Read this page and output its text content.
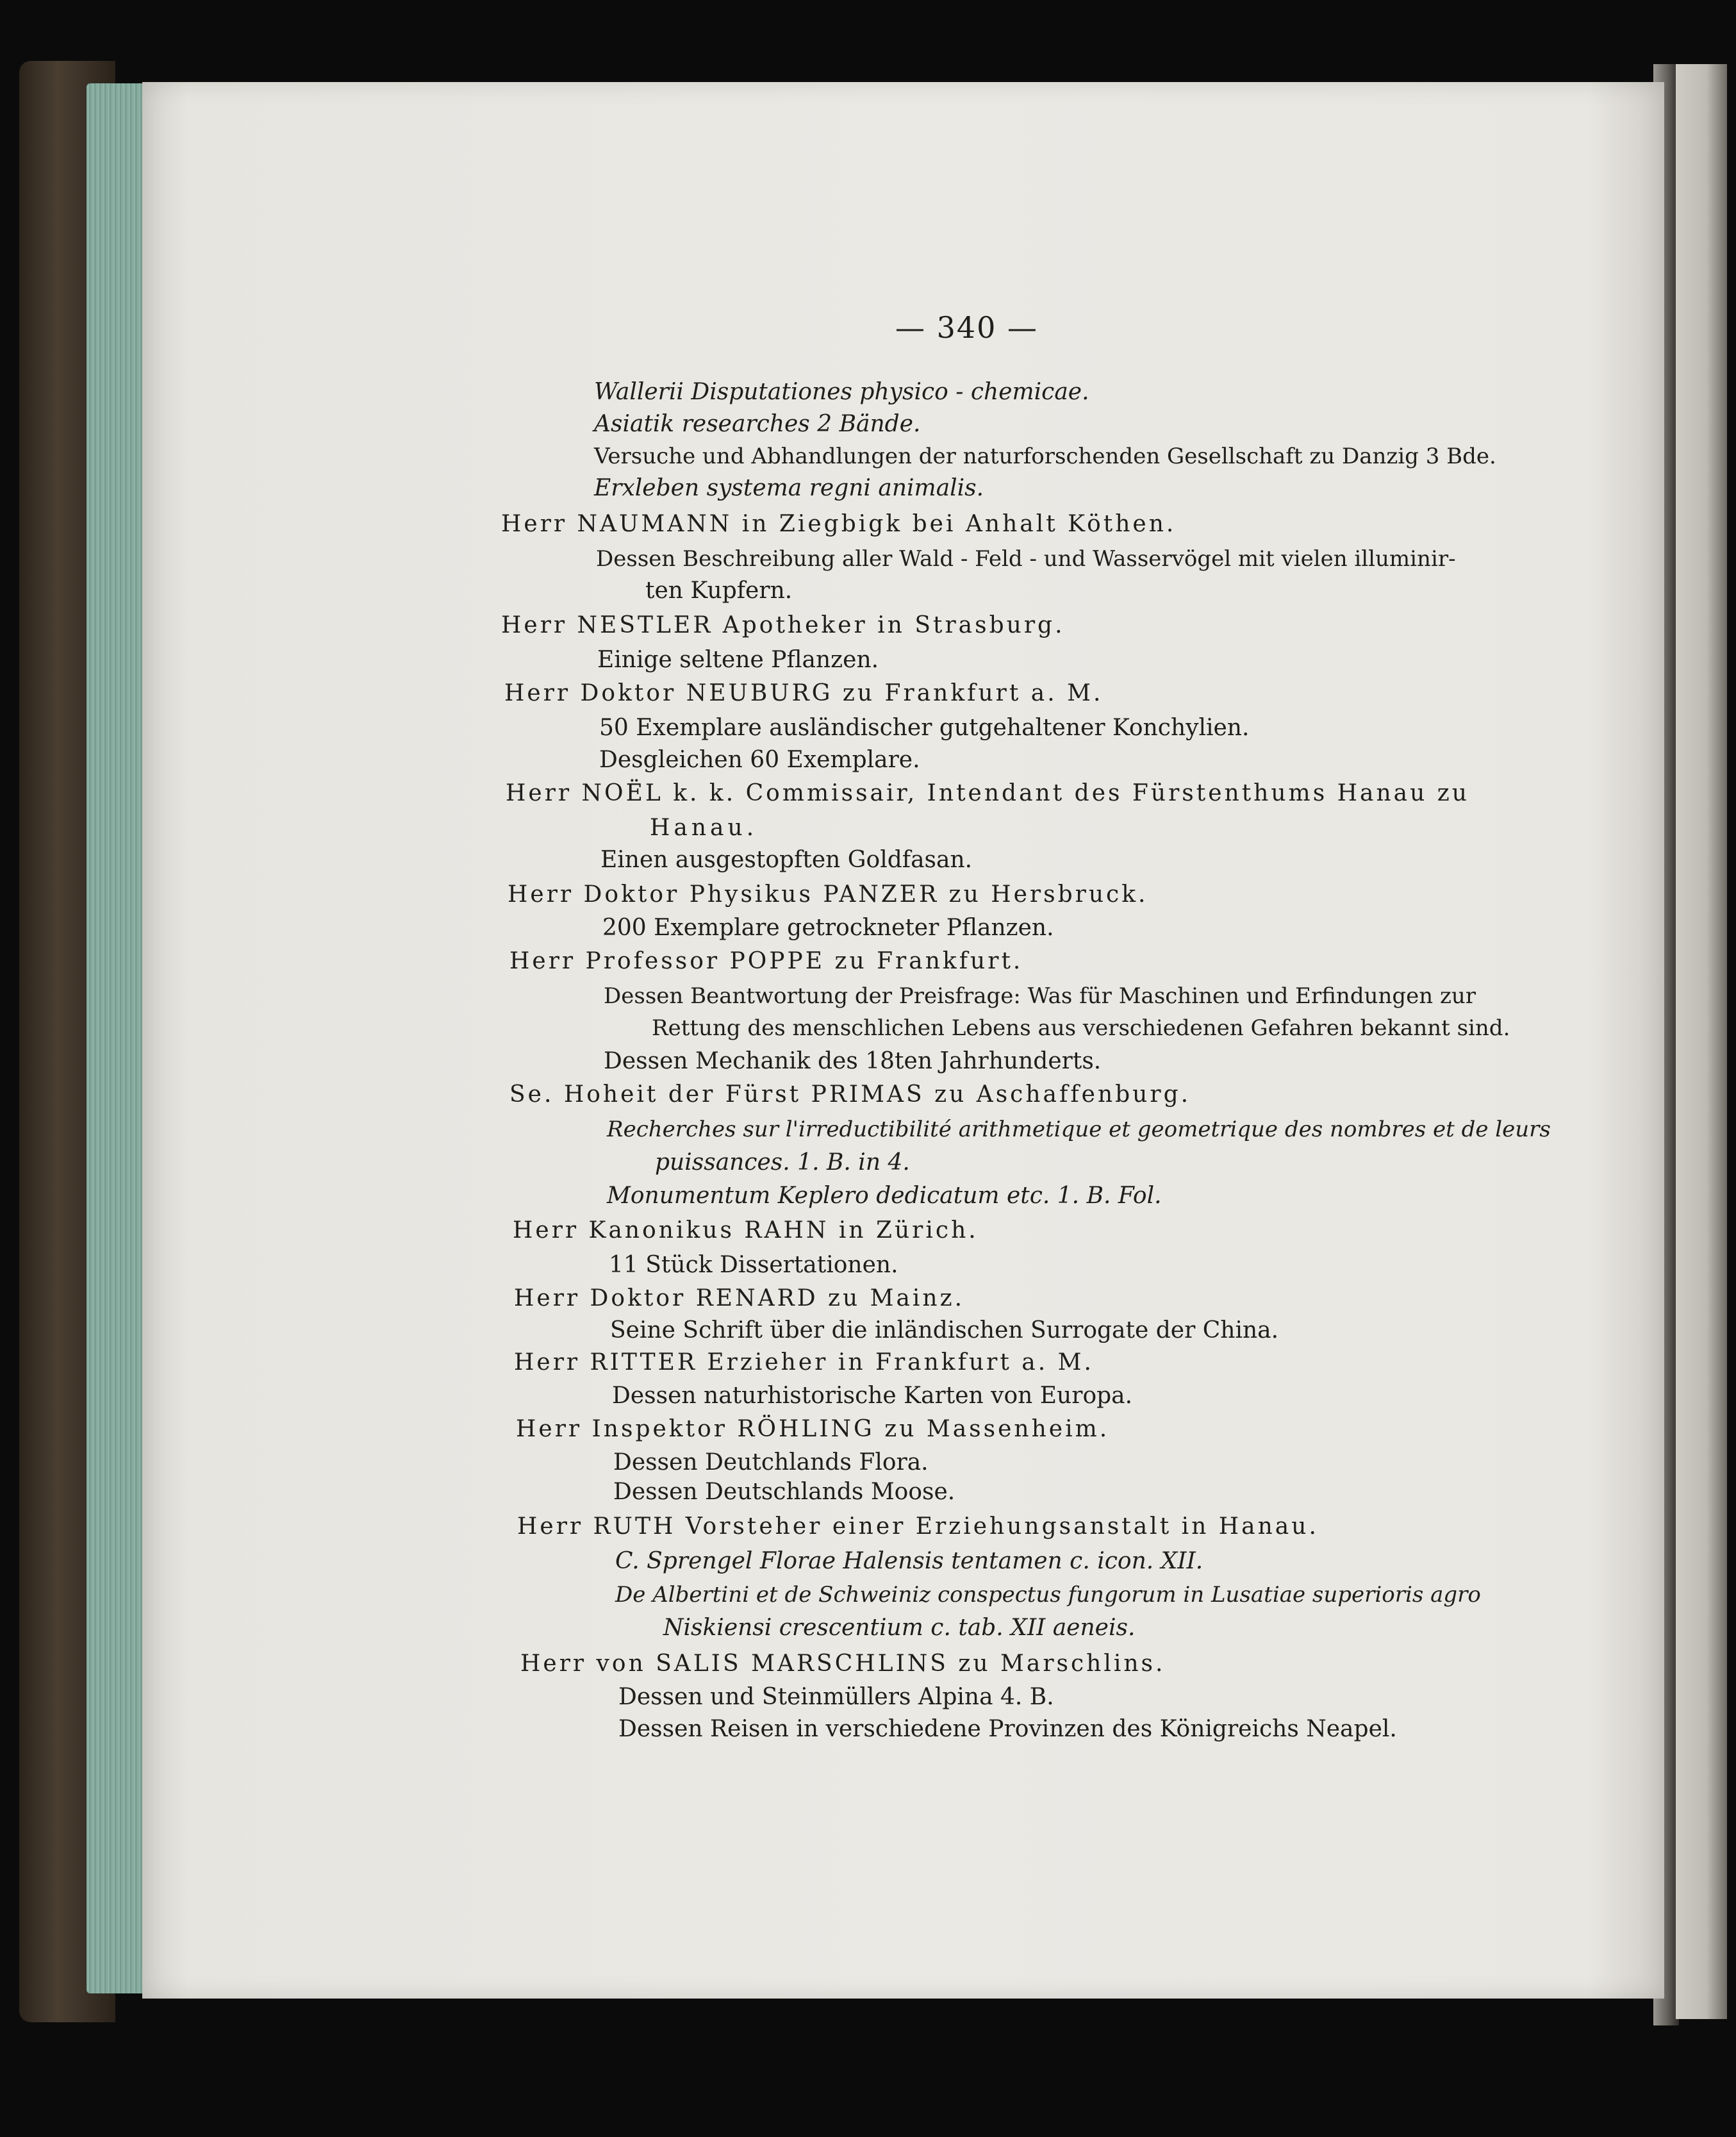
— 340 —
Wallerii Disputationes physico - chemicae.
Asiatik researches 2 Bände.
Versuche und Abhandlungen der naturforschenden Gesellschaft zu Danzig 3 Bde.
Erxleben systema regni animalis.
Herr NAUMANN in Ziegbigk bei Anhalt Köthen.
Dessen Beschreibung aller Wald - Feld - und Wasservögel mit vielen illuminir-
ten Kupfern.
Herr NESTLER Apotheker in Strasburg.
Einige seltene Pflanzen.
Herr Doktor NEUBURG zu Frankfurt a. M.
50 Exemplare ausländischer gutgehaltener Konchylien.
Desgleichen 60 Exemplare.
Herr NOËL k. k. Commissair, Intendant des Fürstenthums Hanau zu
Hanau.
Einen ausgestopften Goldfasan.
Herr Doktor Physikus PANZER zu Hersbruck.
200 Exemplare getrockneter Pflanzen.
Herr Professor POPPE zu Frankfurt.
Dessen Beantwortung der Preisfrage: Was für Maschinen und Erfindungen zur
Rettung des menschlichen Lebens aus verschiedenen Gefahren bekannt sind.
Dessen Mechanik des 18ten Jahrhunderts.
Se. Hoheit der Fürst PRIMAS zu Aschaffenburg.
Recherches sur l'irreductibilité arithmetique et geometrique des nombres et de leurs
puissances. 1. B. in 4.
Monumentum Keplero dedicatum etc. 1. B. Fol.
Herr Kanonikus RAHN in Zürich.
11 Stück Dissertationen.
Herr Doktor RENARD zu Mainz.
Seine Schrift über die inländischen Surrogate der China.
Herr RITTER Erzieher in Frankfurt a. M.
Dessen naturhistorische Karten von Europa.
Herr Inspektor RÖHLING zu Massenheim.
Dessen Deutchlands Flora.
Dessen Deutschlands Moose.
Herr RUTH Vorsteher einer Erziehungsanstalt in Hanau.
C. Sprengel Florae Halensis tentamen c. icon. XII.
De Albertini et de Schweiniz conspectus fungorum in Lusatiae superioris agro
Niskiensi crescentium c. tab. XII aeneis.
Herr von SALIS MARSCHLINS zu Marschlins.
Dessen und Steinmüllers Alpina 4. B.
Dessen Reisen in verschiedene Provinzen des Königreichs Neapel.
